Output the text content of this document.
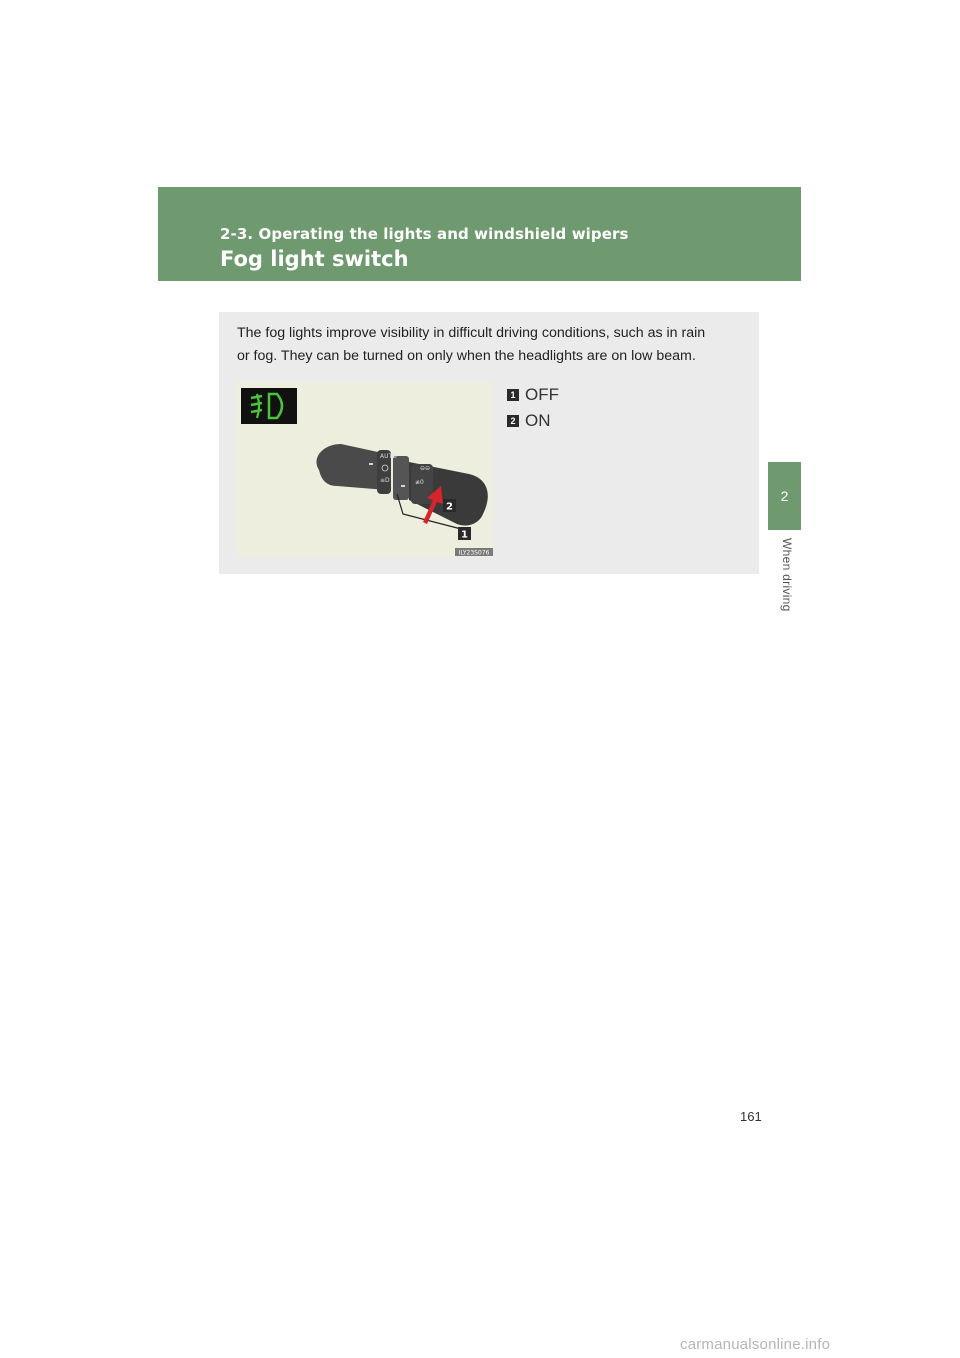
2-3. Operating the lights and windshield wipers
Fog light switch
2
When driving
The fog lights improve visibility in difficult driving conditions, such as in rain
or fog. They can be turned on only when the headlights are on low beam.
AUTO
≡D
⊖⊖
≢0
2
1
ILY23S076
1 OFF
2 ON
161
carmanualsonline.info
